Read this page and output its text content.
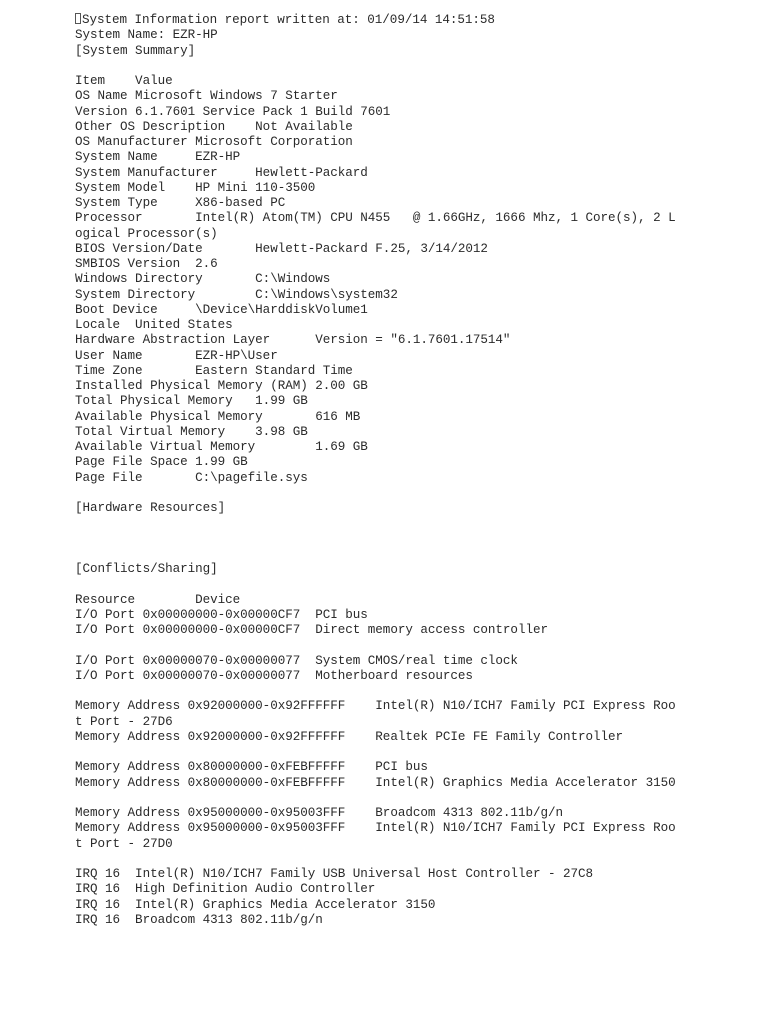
System Information report written at: 01/09/14 14:51:58
System Name: EZR-HP
[System Summary]
Item    Value
OS Name Microsoft Windows 7 Starter
Version 6.1.7601 Service Pack 1 Build 7601
Other OS Description    Not Available
OS Manufacturer Microsoft Corporation
System Name     EZR-HP
System Manufacturer     Hewlett-Packard
System Model    HP Mini 110-3500
System Type     X86-based PC
Processor       Intel(R) Atom(TM) CPU N455   @ 1.66GHz, 1666 Mhz, 1 Core(s), 2 L
ogical Processor(s)
BIOS Version/Date       Hewlett-Packard F.25, 3/14/2012
SMBIOS Version  2.6
Windows Directory       C:\Windows
System Directory        C:\Windows\system32
Boot Device     \Device\HarddiskVolume1
Locale  United States
Hardware Abstraction Layer      Version = "6.1.7601.17514"
User Name       EZR-HP\User
Time Zone       Eastern Standard Time
Installed Physical Memory (RAM) 2.00 GB
Total Physical Memory   1.99 GB
Available Physical Memory       616 MB
Total Virtual Memory    3.98 GB
Available Virtual Memory        1.69 GB
Page File Space 1.99 GB
Page File       C:\pagefile.sys
[Hardware Resources]
[Conflicts/Sharing]
Resource        Device
I/O Port 0x00000000-0x00000CF7  PCI bus
I/O Port 0x00000000-0x00000CF7  Direct memory access controller
I/O Port 0x00000070-0x00000077  System CMOS/real time clock
I/O Port 0x00000070-0x00000077  Motherboard resources
Memory Address 0x92000000-0x92FFFFFF    Intel(R) N10/ICH7 Family PCI Express Roo
t Port - 27D6
Memory Address 0x92000000-0x92FFFFFF    Realtek PCIe FE Family Controller
Memory Address 0x80000000-0xFEBFFFFF    PCI bus
Memory Address 0x80000000-0xFEBFFFFF    Intel(R) Graphics Media Accelerator 3150
Memory Address 0x95000000-0x95003FFF    Broadcom 4313 802.11b/g/n
Memory Address 0x95000000-0x95003FFF    Intel(R) N10/ICH7 Family PCI Express Roo
t Port - 27D0
IRQ 16  Intel(R) N10/ICH7 Family USB Universal Host Controller - 27C8
IRQ 16  High Definition Audio Controller
IRQ 16  Intel(R) Graphics Media Accelerator 3150
IRQ 16  Broadcom 4313 802.11b/g/n
